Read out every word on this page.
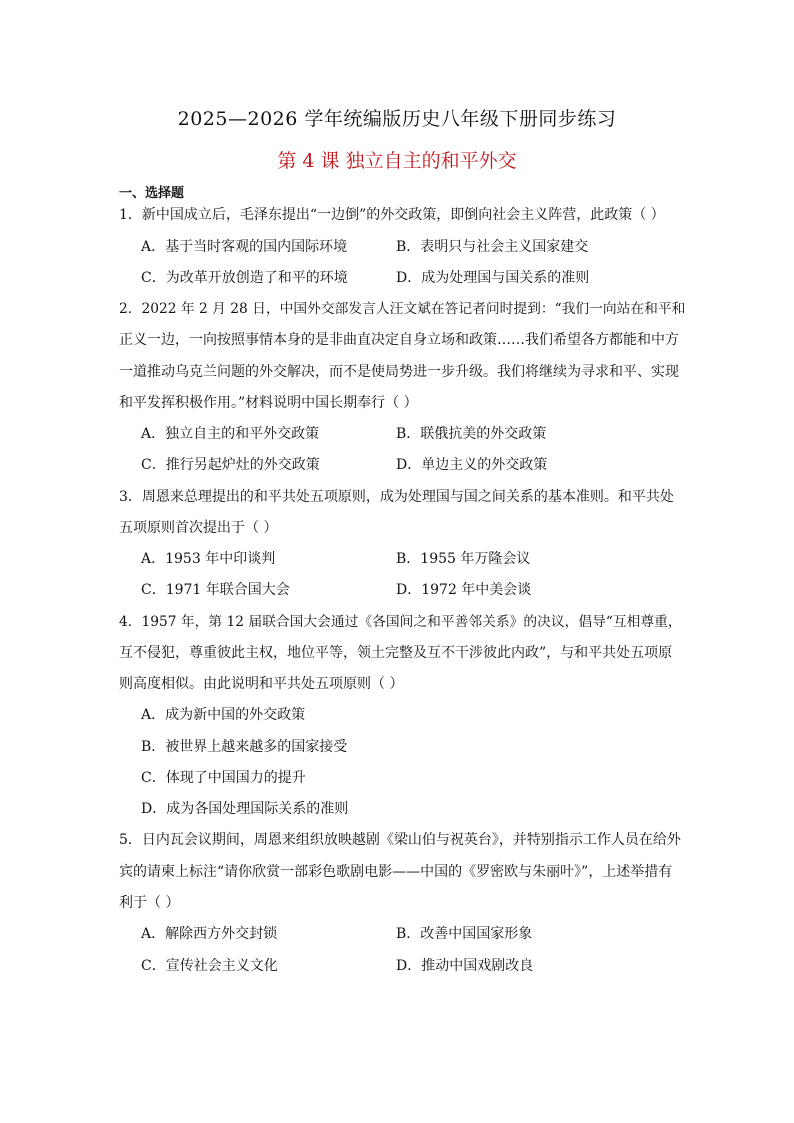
2025—2026 学年统编版历史八年级下册同步练习
第 4 课 独立自主的和平外交
一、选择题
1．新中国成立后，毛泽东提出“一边倒”的外交政策，即倒向社会主义阵营，此政策（ ）
A．基于当时客观的国内国际环境	B．表明只与社会主义国家建交
C．为改革开放创造了和平的环境	D．成为处理国与国关系的准则
2．2022 年 2 月 28 日，中国外交部发言人汪文斌在答记者问时提到：“我们一向站在和平和
正义一边，一向按照事情本身的是非曲直决定自身立场和政策……我们希望各方都能和中方
一道推动乌克兰问题的外交解决，而不是使局势进一步升级。我们将继续为寻求和平、实现
和平发挥积极作用。”材料说明中国长期奉行（ ）
A．独立自主的和平外交政策	B．联俄抗美的外交政策
C．推行另起炉灶的外交政策	D．单边主义的外交政策
3．周恩来总理提出的和平共处五项原则，成为处理国与国之间关系的基本准则。和平共处
五项原则首次提出于（ ）
A．1953 年中印谈判	B．1955 年万隆会议
C．1971 年联合国大会	D．1972 年中美会谈
4．1957 年，第 12 届联合国大会通过《各国间之和平善邻关系》的决议，倡导“互相尊重，
互不侵犯，尊重彼此主权，地位平等，领土完整及互不干涉彼此内政”，与和平共处五项原
则高度相似。由此说明和平共处五项原则（ ）
A．成为新中国的外交政策
B．被世界上越来越多的国家接受
C．体现了中国国力的提升
D．成为各国处理国际关系的准则
5．日内瓦会议期间，周恩来组织放映越剧《梁山伯与祝英台》，并特别指示工作人员在给外
宾的请柬上标注“请你欣赏一部彩色歌剧电影——中国的《罗密欧与朱丽叶》”，上述举措有
利于（ ）
A．解除西方外交封锁	B．改善中国国家形象
C．宣传社会主义文化	D．推动中国戏剧改良
